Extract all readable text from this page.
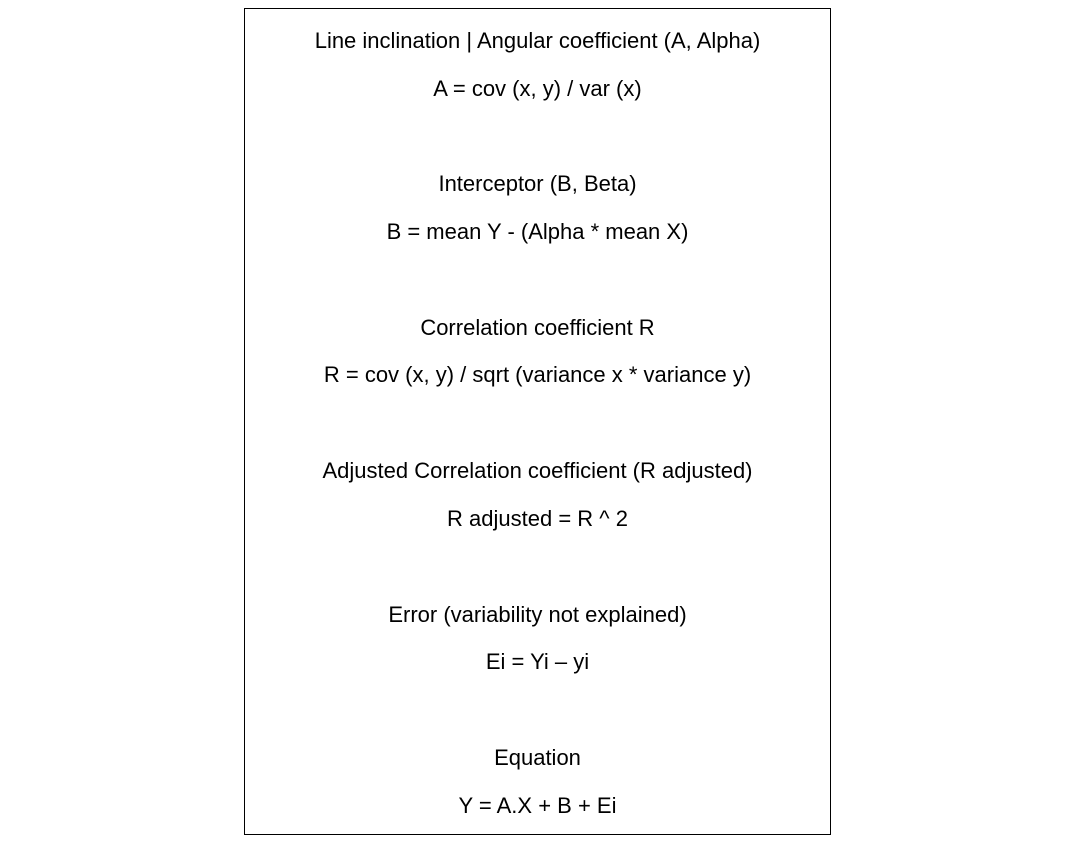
Line inclination | Angular coefficient (A, Alpha)
A = cov (x, y) / var (x)
Interceptor (B, Beta)
B = mean Y - (Alpha * mean X)
Correlation coefficient R
R = cov (x, y) / sqrt (variance x * variance y)
Adjusted Correlation coefficient (R adjusted)
R adjusted = R ^ 2
Error (variability not explained)
Ei = Yi – yi
Equation
Y = A.X + B + Ei
